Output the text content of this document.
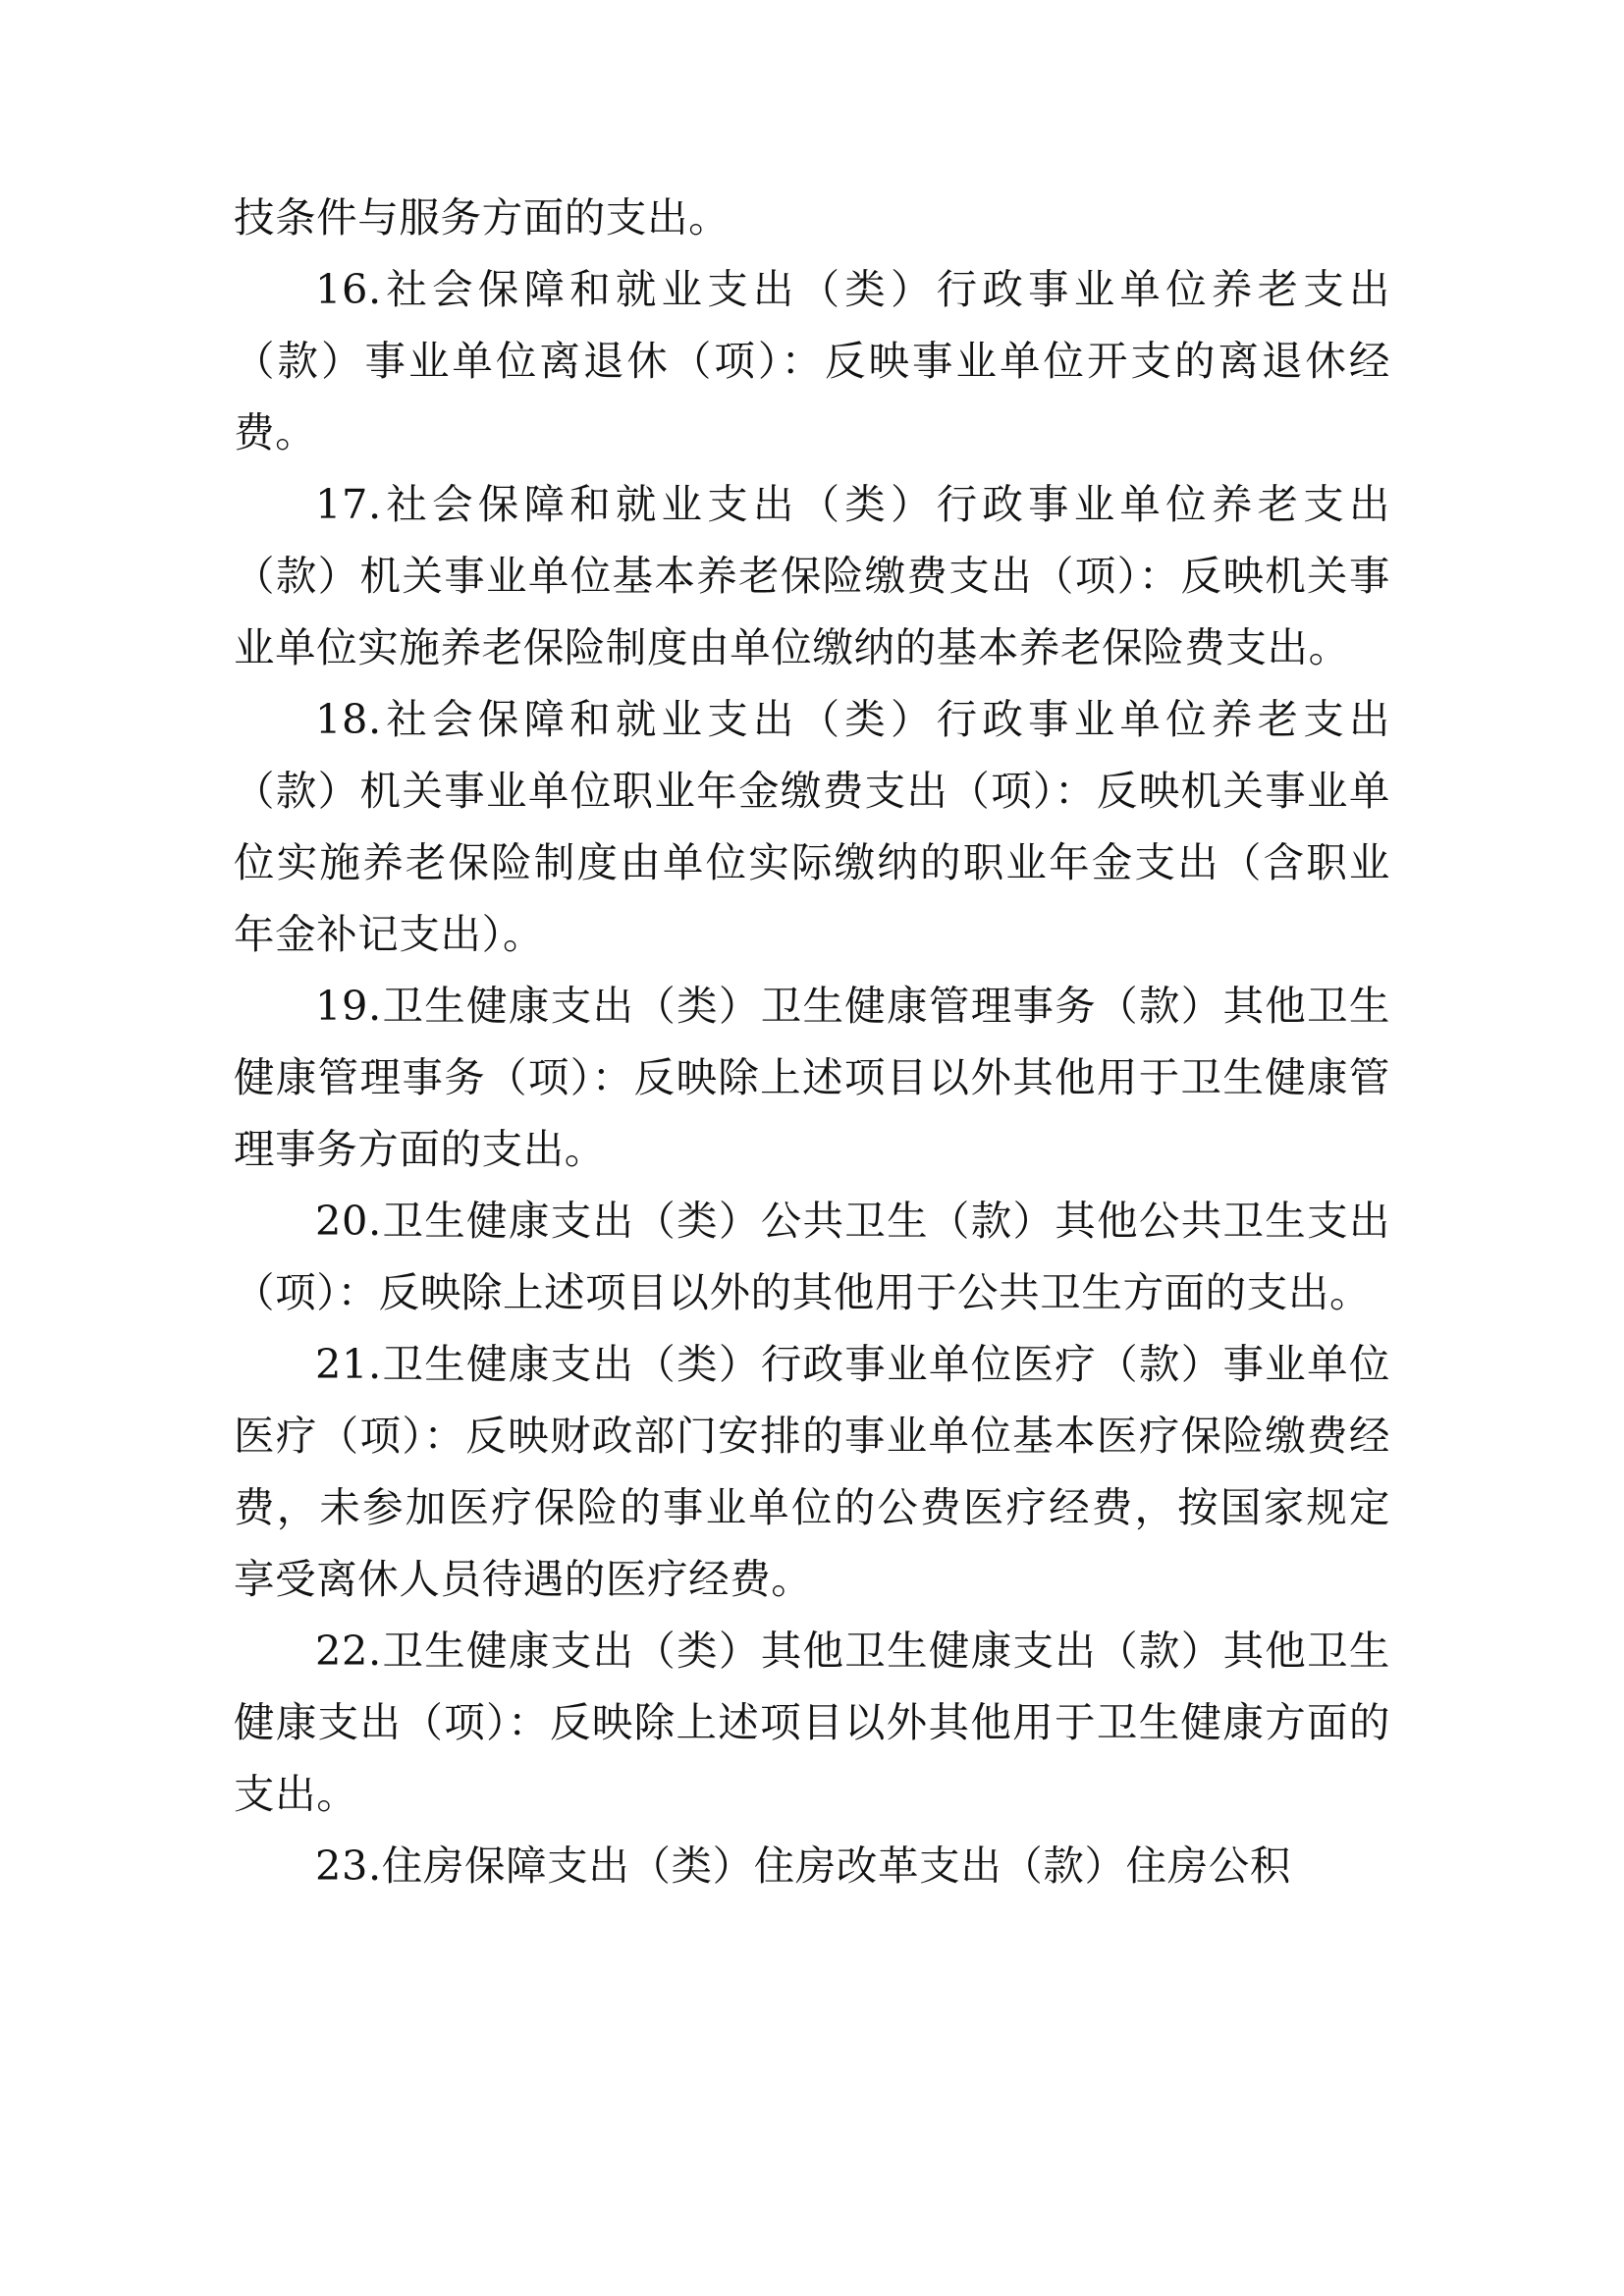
技条件与服务方面的支出。

16.社会保障和就业支出（类）行政事业单位养老支出（款）事业单位离退休（项）：反映事业单位开支的离退休经费。

17.社会保障和就业支出（类）行政事业单位养老支出（款）机关事业单位基本养老保险缴费支出（项）：反映机关事业单位实施养老保险制度由单位缴纳的基本养老保险费支出。

18.社会保障和就业支出（类）行政事业单位养老支出（款）机关事业单位职业年金缴费支出（项）：反映机关事业单位实施养老保险制度由单位实际缴纳的职业年金支出（含职业年金补记支出）。

19.卫生健康支出（类）卫生健康管理事务（款）其他卫生健康管理事务（项）：反映除上述项目以外其他用于卫生健康管理事务方面的支出。

20.卫生健康支出（类）公共卫生（款）其他公共卫生支出（项）：反映除上述项目以外的其他用于公共卫生方面的支出。

21.卫生健康支出（类）行政事业单位医疗（款）事业单位医疗（项）：反映财政部门安排的事业单位基本医疗保险缴费经费，未参加医疗保险的事业单位的公费医疗经费，按国家规定享受离休人员待遇的医疗经费。

22.卫生健康支出（类）其他卫生健康支出（款）其他卫生健康支出（项）：反映除上述项目以外其他用于卫生健康方面的支出。

23.住房保障支出（类）住房改革支出（款）住房公积
